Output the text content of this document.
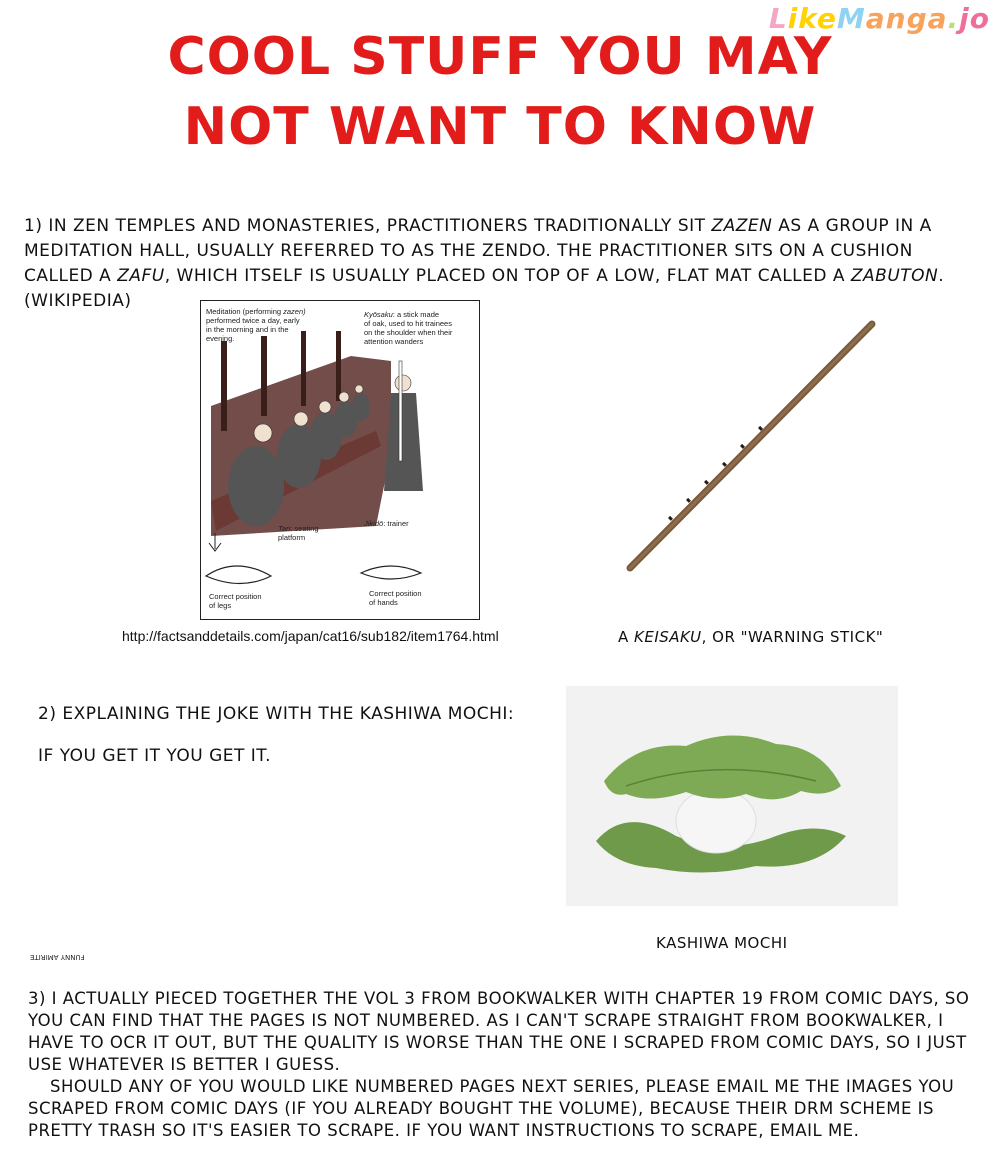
LikeManga.jo
COOL STUFF YOU MAY
NOT WANT TO KNOW
1) IN ZEN TEMPLES AND MONASTERIES, PRACTITIONERS TRADITIONALLY SIT ZAZEN AS A GROUP IN A MEDITATION HALL, USUALLY REFERRED TO AS THE ZENDO. THE PRACTITIONER SITS ON A CUSHION CALLED A ZAFU, WHICH ITSELF IS USUALLY PLACED ON TOP OF A LOW, FLAT MAT CALLED A ZABUTON. (WIKIPEDIA)
Meditation (performing zazen)
performed twice a day, early
in the morning and in the
evening.
Kyōsaku: a stick made
of oak, used to hit trainees
on the shoulder when their
attention wanders
Tan: seating
platform
Jikidō: trainer
Correct position
of legs
Correct position
of hands
http://factsanddetails.com/japan/cat16/sub182/item1764.html	A KEISAKU, OR "WARNING STICK"
2) EXPLAINING THE JOKE WITH THE KASHIWA MOCHI:
IF YOU GET IT YOU GET IT.
KASHIWA MOCHI
FUNNY AMIRITE
3) I ACTUALLY PIECED TOGETHER THE VOL 3 FROM BOOKWALKER WITH CHAPTER 19 FROM COMIC DAYS, SO YOU CAN FIND THAT THE PAGES IS NOT NUMBERED. AS I CAN'T SCRAPE STRAIGHT FROM BOOKWALKER, I HAVE TO OCR IT OUT, BUT THE QUALITY IS WORSE THAN THE ONE I SCRAPED FROM COMIC DAYS, SO I JUST USE WHATEVER IS BETTER I GUESS.
SHOULD ANY OF YOU WOULD LIKE NUMBERED PAGES NEXT SERIES, PLEASE EMAIL ME THE IMAGES YOU SCRAPED FROM COMIC DAYS (IF YOU ALREADY BOUGHT THE VOLUME), BECAUSE THEIR DRM SCHEME IS PRETTY TRASH SO IT'S EASIER TO SCRAPE. IF YOU WANT INSTRUCTIONS TO SCRAPE, EMAIL ME.
